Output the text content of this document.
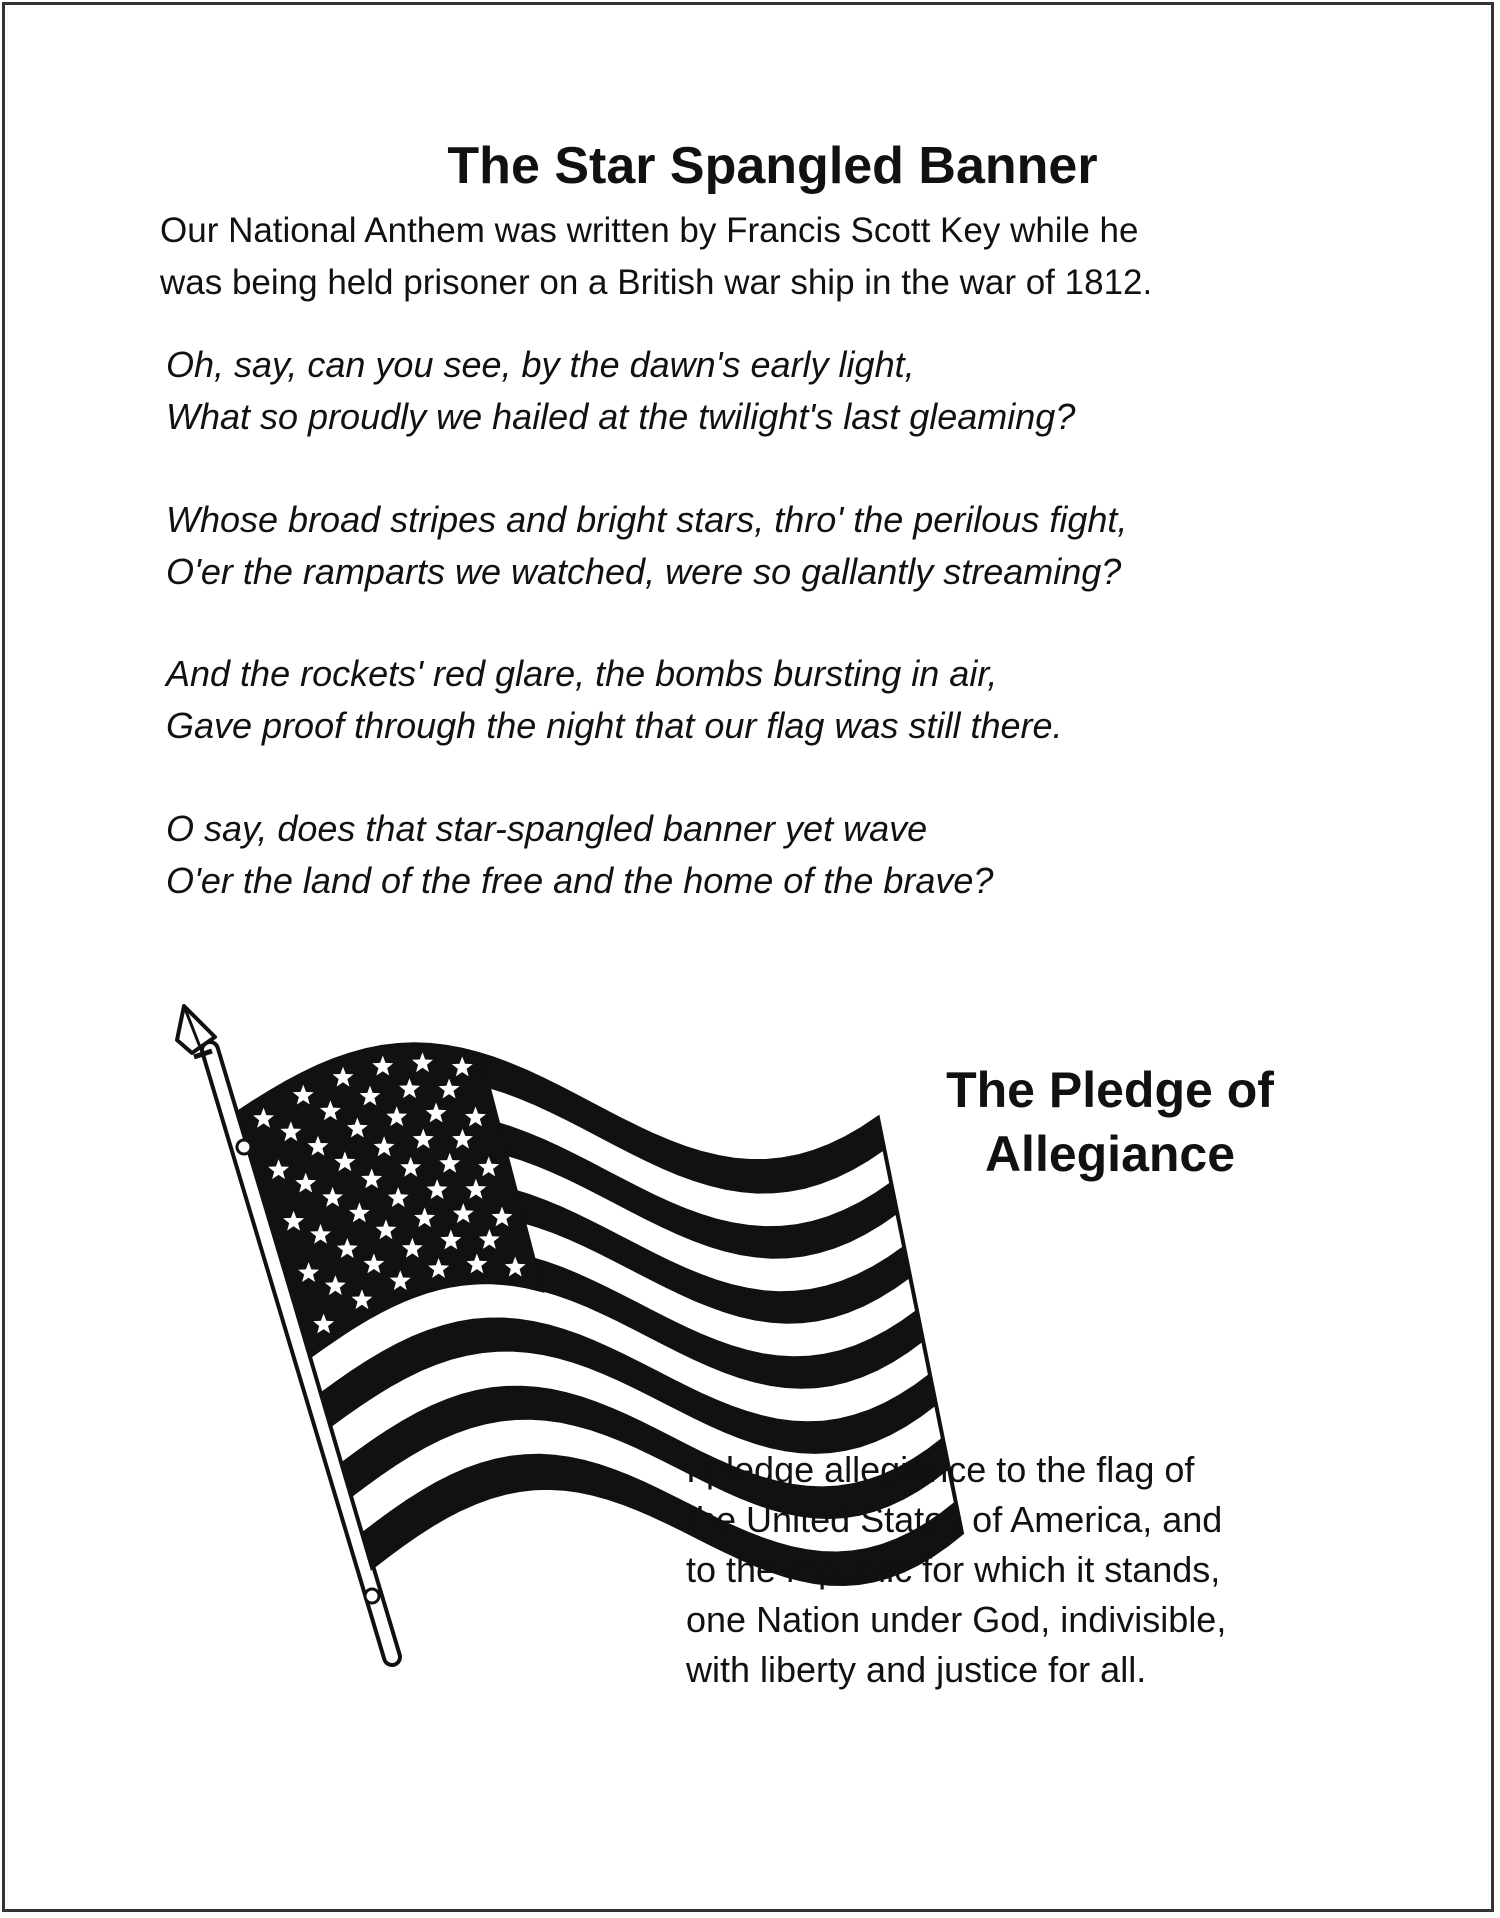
The Star Spangled Banner

Our National Anthem was written by Francis Scott Key while he
was being held prisoner on a British war ship in the war of 1812.

Oh, say, can you see, by the dawn's early light,
What so proudly we hailed at the twilight's last gleaming?

Whose broad stripes and bright stars, thro' the perilous fight,
O'er the ramparts we watched, were so gallantly streaming?

And the rockets' red glare, the bombs bursting in air,
Gave proof through the night that our flag was still there.

O say, does that star-spangled banner yet wave
O'er the land of the free and the home of the brave?

The Pledge of
Allegiance

I pledge allegiance to the flag of
the United States of America, and
to the republic for which it stands,
one Nation under God, indivisible,
with liberty and justice for all.
